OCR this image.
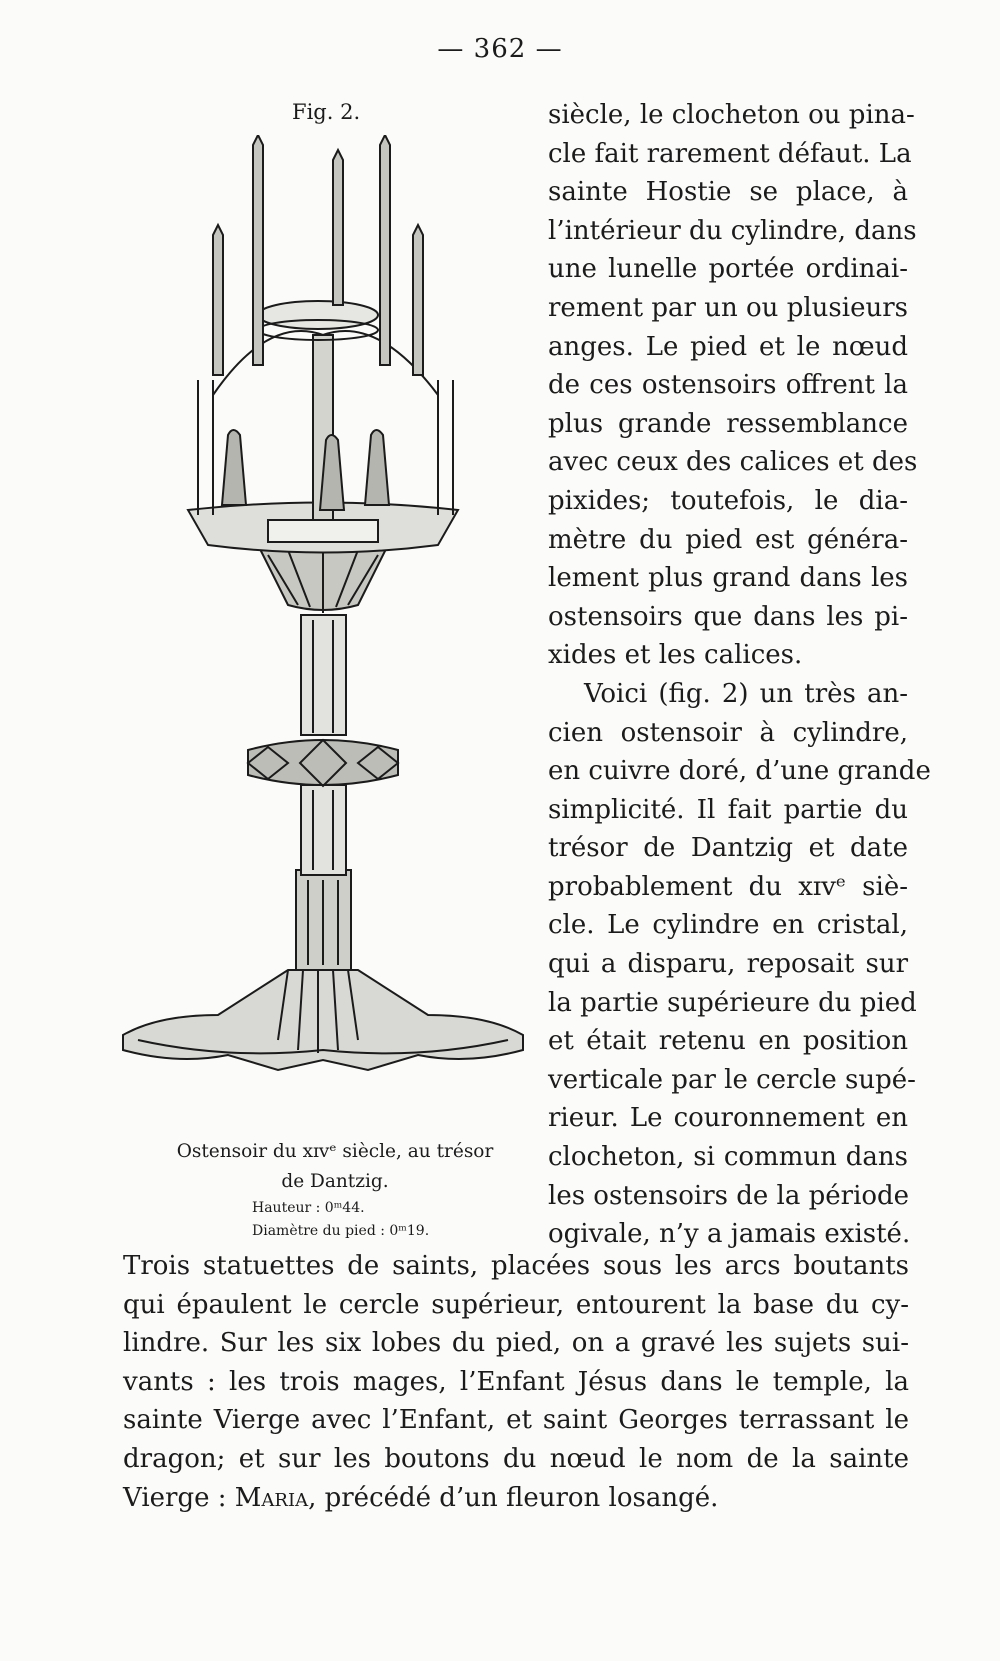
— 362 —
Fig. 2.
Ostensoir du xɪvᵉ siècle, au trésor
de Dantzig.
Hauteur : 0ᵐ44.
Diamètre du pied : 0ᵐ19.
siècle, le clocheton ou pina-
cle fait rarement défaut. La
sainte Hostie se place, à
l’intérieur du cylindre, dans
une lunelle portée ordinai-
rement par un ou plusieurs
anges. Le pied et le nœud
de ces ostensoirs offrent la
plus grande ressemblance
avec ceux des calices et des
pixides; toutefois, le dia-
mètre du pied est généra-
lement plus grand dans les
ostensoirs que dans les pi-
xides et les calices.
Voici (fig. 2) un très an-
cien ostensoir à cylindre,
en cuivre doré, d’une grande
simplicité. Il fait partie du
trésor de Dantzig et date
probablement du xɪvᵉ siè-
cle. Le cylindre en cristal,
qui a disparu, reposait sur
la partie supérieure du pied
et était retenu en position
verticale par le cercle supé-
rieur. Le couronnement en
clocheton, si commun dans
les ostensoirs de la période
ogivale, n’y a jamais existé.
Trois statuettes de saints, placées sous les arcs boutants
qui épaulent le cercle supérieur, entourent la base du cy-
lindre. Sur les six lobes du pied, on a gravé les sujets sui-
vants : les trois mages, l’Enfant Jésus dans le temple, la
sainte Vierge avec l’Enfant, et saint Georges terrassant le
dragon; et sur les boutons du nœud le nom de la sainte
Vierge : Maria, précédé d’un fleuron losangé.
